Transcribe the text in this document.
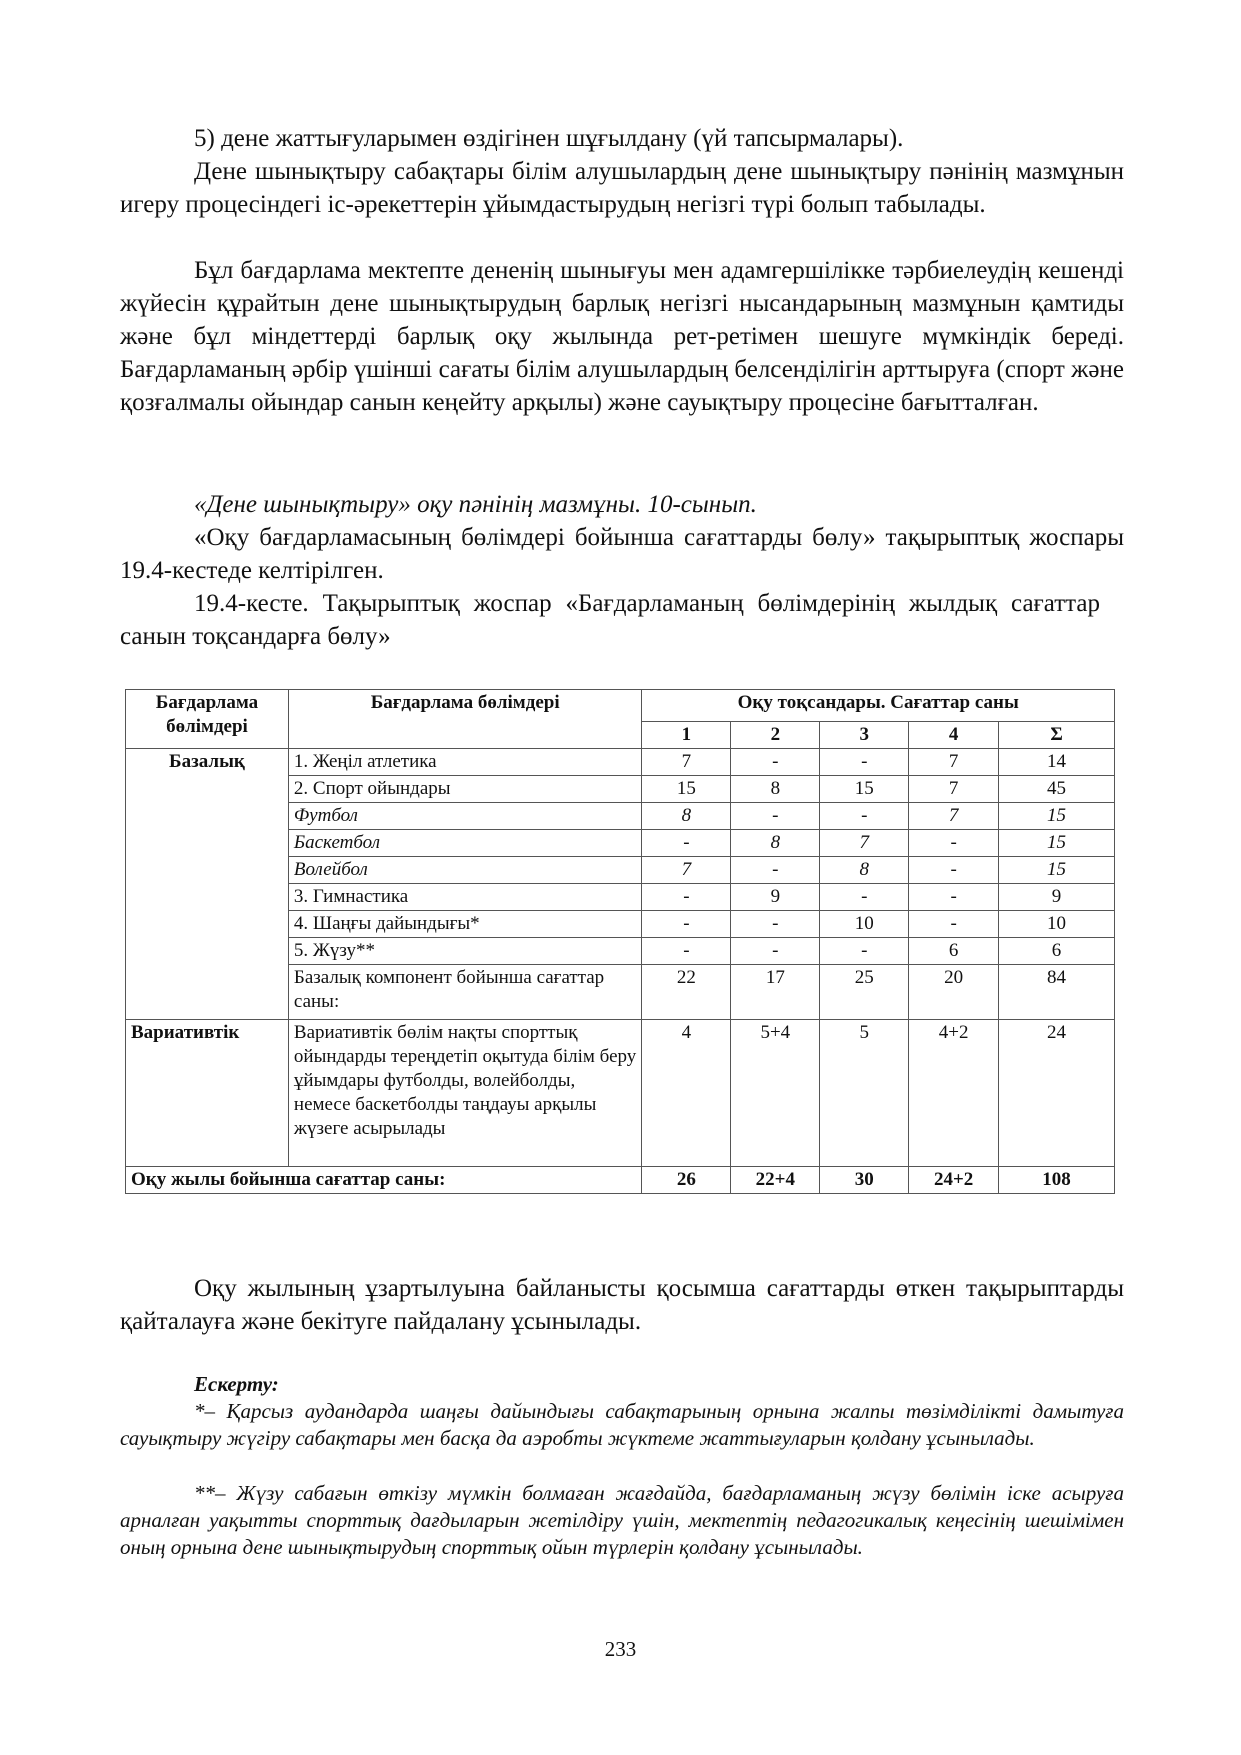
5) дене жаттығуларымен өздігінен шұғылдану (үй тапсырмалары).

Дене шынықтыру сабақтары білім алушылардың дене шынықтыру пәнінің мазмұнын игеру процесіндегі іс-әрекеттерін ұйымдастырудың негізгі түрі болып табылады.

Бұл бағдарлама мектепте дененің шынығуы мен адамгершілікке тәрбиелеудің кешенді жүйесін құрайтын дене шынықтырудың барлық негізгі нысандарының мазмұнын қамтиды және бұл міндеттерді барлық оқу жылында рет-ретімен шешуге мүмкіндік береді. Бағдарламаның әрбір үшінші сағаты білім алушылардың белсенділігін арттыруға (спорт және қозғалмалы ойындар санын кеңейту арқылы) және сауықтыру процесіне бағытталған.

«Дене шынықтыру» оқу пәнінің мазмұны. 10-сынып.

«Оқу бағдарламасының бөлімдері бойынша сағаттарды бөлу» тақырыптық жоспары 19.4-кестеде келтірілген.

19.4-кесте. Тақырыптық жоспар «Бағдарламаның бөлімдерінің жылдық сағаттар санын тоқсандарға бөлу»

Бағдарлама бөлімдері	Бағдарлама бөлімдері	Оқу тоқсандары. Сағаттар саны				
		1	2	3	4	Σ
Базалық	1. Жеңіл атлетика	7	-	-	7	14
	2. Спорт ойындары	15	8	15	7	45
	Футбол	8	-	-	7	15
	Баскетбол	-	8	7	-	15
	Волейбол	7	-	8	-	15
	3. Гимнастика	-	9	-	-	9
	4. Шаңғы дайындығы*	-	-	10	-	10
	5. Жүзу**	-	-	-	6	6
	Базалық компонент бойынша сағаттар саны:	22	17	25	20	84
Вариативтік	Вариативтік бөлім нақты спорттық ойындарды тереңдетіп оқытуда білім беру ұйымдары футболды, волейболды, немесе баскетболды таңдауы арқылы жүзеге асырылады	4	5+4	5	4+2	24
Оқу жылы бойынша сағаттар саны:		26	22+4	30	24+2	108

Оқу жылының ұзартылуына байланысты қосымша сағаттарды өткен тақырыптарды қайталауға және бекітуге пайдалану ұсынылады.

Ескерту:

*– Қарсыз аудандарда шаңғы дайындығы сабақтарының орнына жалпы төзімділікті дамытуға сауықтыру жүгіру сабақтары мен басқа да аэробты жүктеме жаттығуларын қолдану ұсынылады.

**– Жүзу сабағын өткізу мүмкін болмаған жағдайда, бағдарламаның жүзу бөлімін іске асыруға арналған уақытты спорттық дағдыларын жетілдіру үшін, мектептің педагогикалық кеңесінің шешімімен оның орнына дене шынықтырудың спорттық ойын түрлерін қолдану ұсынылады.

233
